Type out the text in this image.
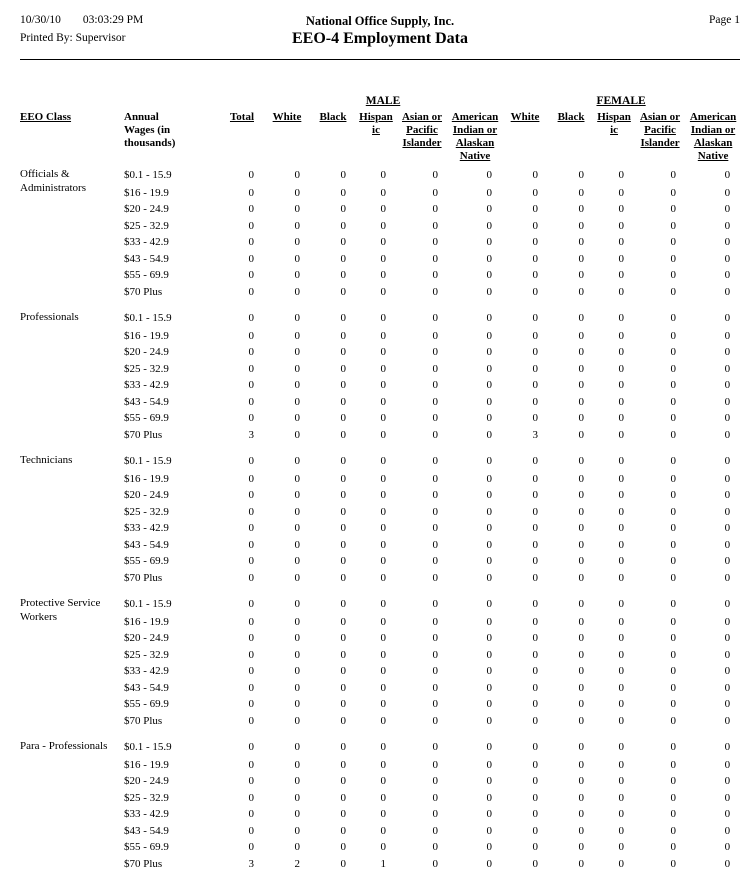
10/30/10 03:03:29 PM	National Office Supply, Inc.	Page 1
Printed By: Supervisor	EEO-4 Employment Data
			MALE					FEMALE				
EEO Class	Annual Wages (in thousands)	Total	White	Black	Hispanic	Asian or Pacific Islander	American Indian or Alaskan Native	White	Black	Hispanic	Asian or Pacific Islander	American Indian or Alaskan Native

Officials & Administrators	$0.1 - 15.9	0	0	0	0	0	0	0	0	0	0	0
	$16 - 19.9	0	0	0	0	0	0	0	0	0	0	0
	$20 - 24.9	0	0	0	0	0	0	0	0	0	0	0
	$25 - 32.9	0	0	0	0	0	0	0	0	0	0	0
	$33 - 42.9	0	0	0	0	0	0	0	0	0	0	0
	$43 - 54.9	0	0	0	0	0	0	0	0	0	0	0
	$55 - 69.9	0	0	0	0	0	0	0	0	0	0	0
	$70 Plus	0	0	0	0	0	0	0	0	0	0	0

Professionals	$0.1 - 15.9	0	0	0	0	0	0	0	0	0	0	0
	$16 - 19.9	0	0	0	0	0	0	0	0	0	0	0
	$20 - 24.9	0	0	0	0	0	0	0	0	0	0	0
	$25 - 32.9	0	0	0	0	0	0	0	0	0	0	0
	$33 - 42.9	0	0	0	0	0	0	0	0	0	0	0
	$43 - 54.9	0	0	0	0	0	0	0	0	0	0	0
	$55 - 69.9	0	0	0	0	0	0	0	0	0	0	0
	$70 Plus	3	0	0	0	0	0	3	0	0	0	0

Technicians	$0.1 - 15.9	0	0	0	0	0	0	0	0	0	0	0
	$16 - 19.9	0	0	0	0	0	0	0	0	0	0	0
	$20 - 24.9	0	0	0	0	0	0	0	0	0	0	0
	$25 - 32.9	0	0	0	0	0	0	0	0	0	0	0
	$33 - 42.9	0	0	0	0	0	0	0	0	0	0	0
	$43 - 54.9	0	0	0	0	0	0	0	0	0	0	0
	$55 - 69.9	0	0	0	0	0	0	0	0	0	0	0
	$70 Plus	0	0	0	0	0	0	0	0	0	0	0

Protective Service Workers	$0.1 - 15.9	0	0	0	0	0	0	0	0	0	0	0
	$16 - 19.9	0	0	0	0	0	0	0	0	0	0	0
	$20 - 24.9	0	0	0	0	0	0	0	0	0	0	0
	$25 - 32.9	0	0	0	0	0	0	0	0	0	0	0
	$33 - 42.9	0	0	0	0	0	0	0	0	0	0	0
	$43 - 54.9	0	0	0	0	0	0	0	0	0	0	0
	$55 - 69.9	0	0	0	0	0	0	0	0	0	0	0
	$70 Plus	0	0	0	0	0	0	0	0	0	0	0

Para - Professionals	$0.1 - 15.9	0	0	0	0	0	0	0	0	0	0	0
	$16 - 19.9	0	0	0	0	0	0	0	0	0	0	0
	$20 - 24.9	0	0	0	0	0	0	0	0	0	0	0
	$25 - 32.9	0	0	0	0	0	0	0	0	0	0	0
	$33 - 42.9	0	0	0	0	0	0	0	0	0	0	0
	$43 - 54.9	0	0	0	0	0	0	0	0	0	0	0
	$55 - 69.9	0	0	0	0	0	0	0	0	0	0	0
	$70 Plus	3	2	0	1	0	0	0	0	0	0	0
